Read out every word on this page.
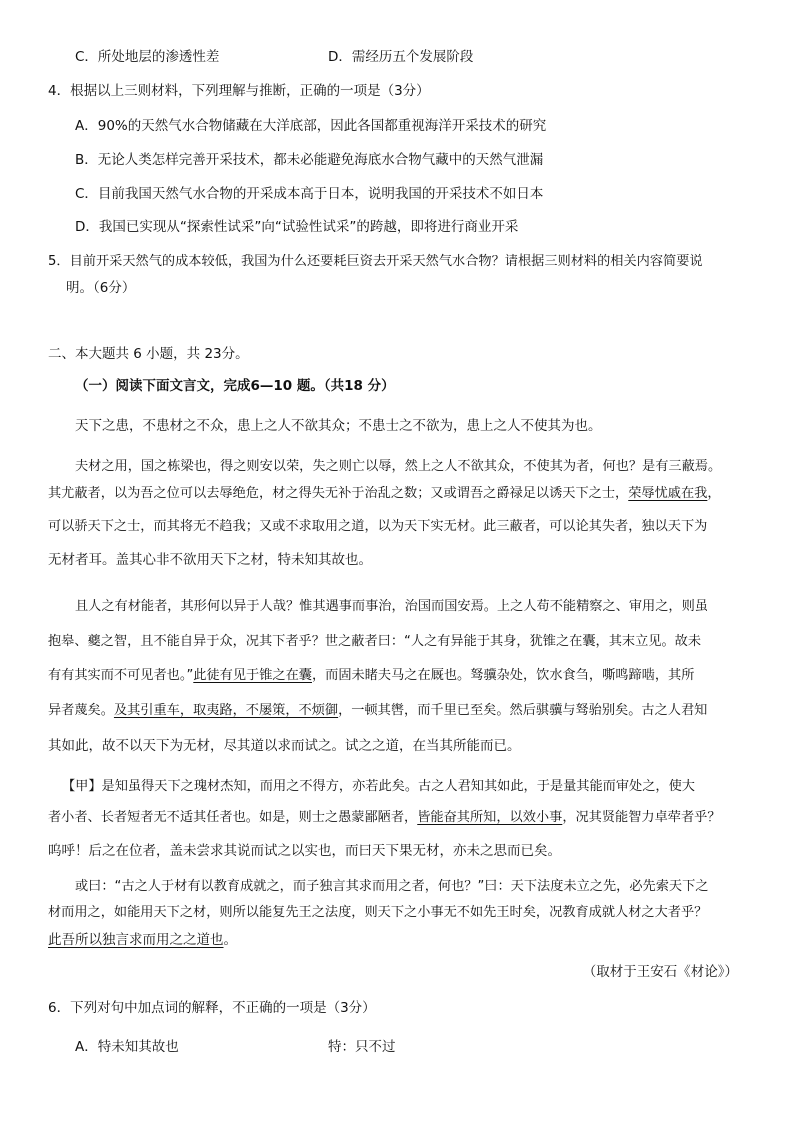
C．所处地层的渗透性差	D．需经历五个发展阶段
4．根据以上三则材料，下列理解与推断，正确的一项是（3分）
A．90%的天然气水合物储藏在大洋底部，因此各国都重视海洋开采技术的研究
B．无论人类怎样完善开采技术，都未必能避免海底水合物气藏中的天然气泄漏
C．目前我国天然气水合物的开采成本高于日本，说明我国的开采技术不如日本
D．我国已实现从“探索性试采”向“试验性试采”的跨越，即将进行商业开采
5．目前开采天然气的成本较低，我国为什么还要耗巨资去开采天然气水合物？请根据三则材料的相关内容简要说
明。（6分）
二、本大题共 6 小题，共 23分。
（一）阅读下面文言文，完成6—10 题。（共18 分）
天下之患，不患材之不众，患上之人不欲其众；不患士之不欲为，患上之人不使其为也。
夫材之用，国之栋梁也，得之则安以荣，失之则亡以辱，然上之人不欲其众，不使其为者，何也？是有三蔽焉。
其尤蔽者，以为吾之位可以去辱绝危，材之得失无补于治乱之数；又或谓吾之爵禄足以诱天下之士，荣辱忧戚在我，
可以骄天下之士，而其将无不趋我；又或不求取用之道，以为天下实无材。此三蔽者，可以论其失者，独以天下为
无材者耳。盖其心非不欲用天下之材，特未知其故也。
且人之有材能者，其形何以异于人哉？惟其遇事而事治，治国而国安焉。上之人苟不能精察之、审用之，则虽
抱皋、夔之智，且不能自异于众，况其下者乎？世之蔽者曰：“人之有异能于其身，犹锥之在囊，其末立见。故未
有有其实而不可见者也。”此徒有见于锥之在囊，而固未睹夫马之在厩也。驽骥杂处，饮水食刍，嘶鸣蹄啮，其所
异者蔑矣。及其引重车，取夷路，不屡策，不烦御，一顿其辔，而千里已至矣。然后骐骥与驽骀别矣。古之人君知
其如此，故不以天下为无材，尽其道以求而试之。试之之道，在当其所能而已。
【甲】是知虽得天下之瑰材杰知，而用之不得方，亦若此矣。古之人君知其如此，于是量其能而审处之，使大
者小者、长者短者无不适其任者也。如是，则士之愚蒙鄙陋者，皆能奋其所知，以效小事，况其贤能智力卓荦者乎？
呜呼！后之在位者，盖未尝求其说而试之以实也，而曰天下果无材，亦未之思而已矣。
或曰：“古之人于材有以教育成就之，而子独言其求而用之者，何也？”曰：天下法度未立之先，必先索天下之
材而用之，如能用天下之材，则所以能复先王之法度，则天下之小事无不如先王时矣，况教育成就人材之大者乎？
此吾所以独言求而用之之道也。
（取材于王安石《材论》）
6．下列对句中加点词的解释，不正确的一项是（3分）
A．特未知其故也	特：只不过
